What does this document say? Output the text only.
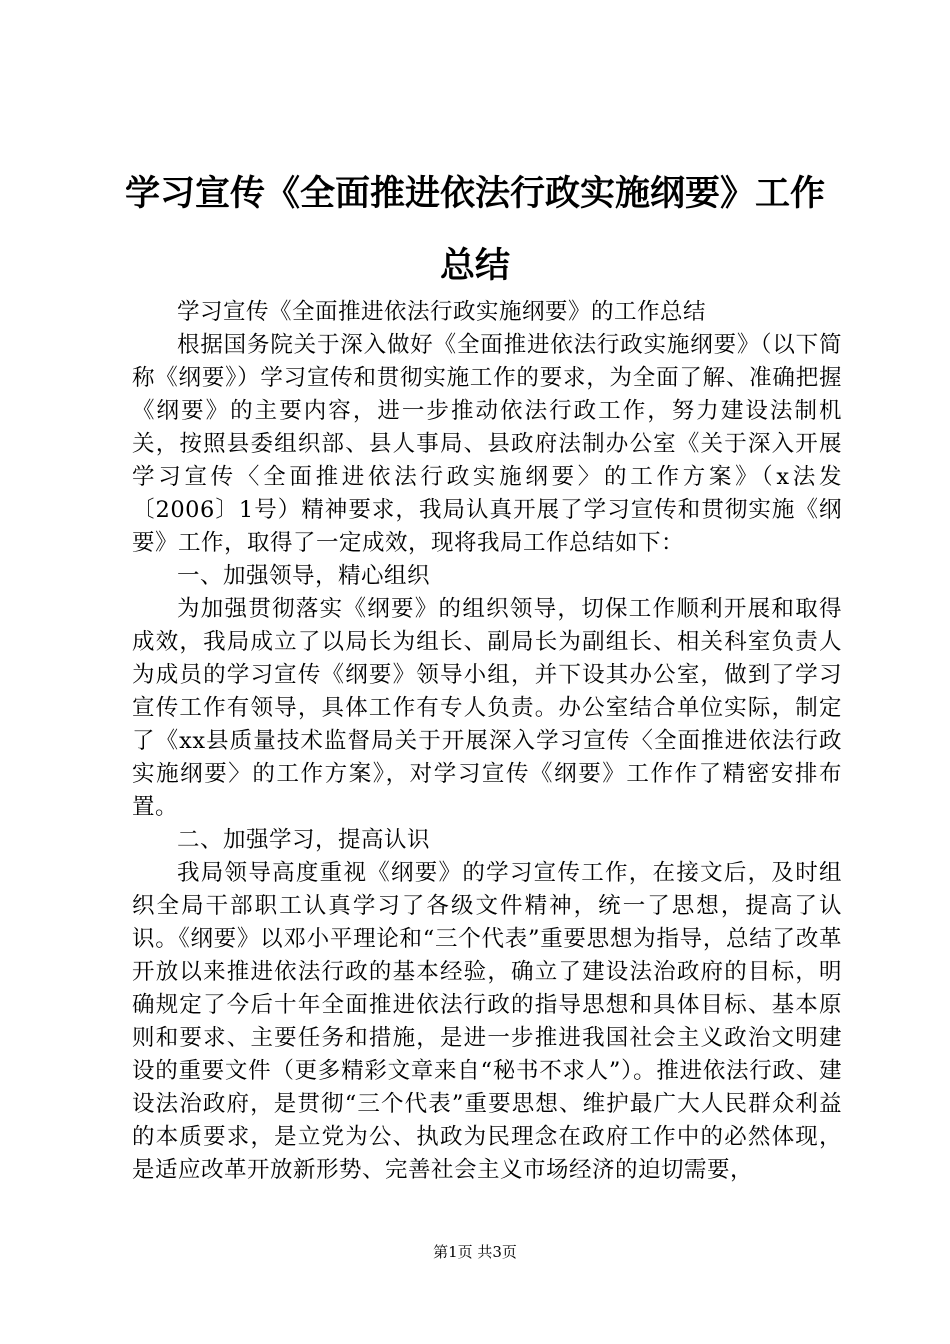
学习宣传《全面推进依法行政实施纲要》工作总结

学习宣传《全面推进依法行政实施纲要》的工作总结

根据国务院关于深入做好《全面推进依法行政实施纲要》（以下简称《纲要》）学习宣传和贯彻实施工作的要求，为全面了解、准确把握《纲要》的主要内容，进一步推动依法行政工作，努力建设法制机关，按照县委组织部、县人事局、县政府法制办公室《关于深入开展学习宣传〈全面推进依法行政实施纲要〉的工作方案》（x法发〔2006〕1号）精神要求，我局认真开展了学习宣传和贯彻实施《纲要》工作，取得了一定成效，现将我局工作总结如下：

一、加强领导，精心组织

为加强贯彻落实《纲要》的组织领导，切保工作顺利开展和取得成效，我局成立了以局长为组长、副局长为副组长、相关科室负责人为成员的学习宣传《纲要》领导小组，并下设其办公室，做到了学习宣传工作有领导，具体工作有专人负责。办公室结合单位实际，制定了《xx县质量技术监督局关于开展深入学习宣传〈全面推进依法行政实施纲要〉的工作方案》，对学习宣传《纲要》工作作了精密安排布置。

二、加强学习，提高认识

我局领导高度重视《纲要》的学习宣传工作，在接文后，及时组织全局干部职工认真学习了各级文件精神，统一了思想，提高了认识。《纲要》以邓小平理论和“三个代表”重要思想为指导，总结了改革开放以来推进依法行政的基本经验，确立了建设法治政府的目标，明确规定了今后十年全面推进依法行政的指导思想和具体目标、基本原则和要求、主要任务和措施，是进一步推进我国社会主义政治文明建设的重要文件（更多精彩文章来自“秘书不求人”）。推进依法行政、建设法治政府，是贯彻“三个代表”重要思想、维护最广大人民群众利益的本质要求，是立党为公、执政为民理念在政府工作中的必然体现，是适应改革开放新形势、完善社会主义市场经济的迫切需要，

第1页 共3页
